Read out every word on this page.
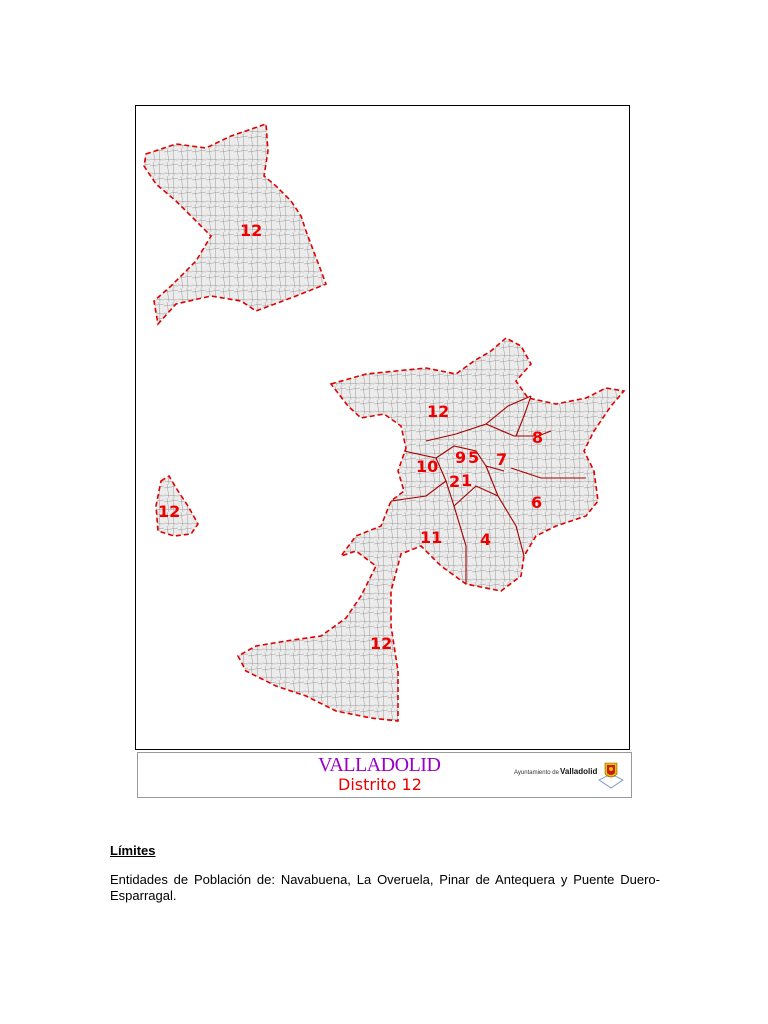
12
12
8
9 5 7
10
2 1
6
12
11 4
12
VALLADOLID
Distrito 12
Ayuntamiento de Valladolid
Límites
Entidades de Población de: Navabuena, La Overuela, Pinar de Antequera y Puente Duero-Esparragal.
